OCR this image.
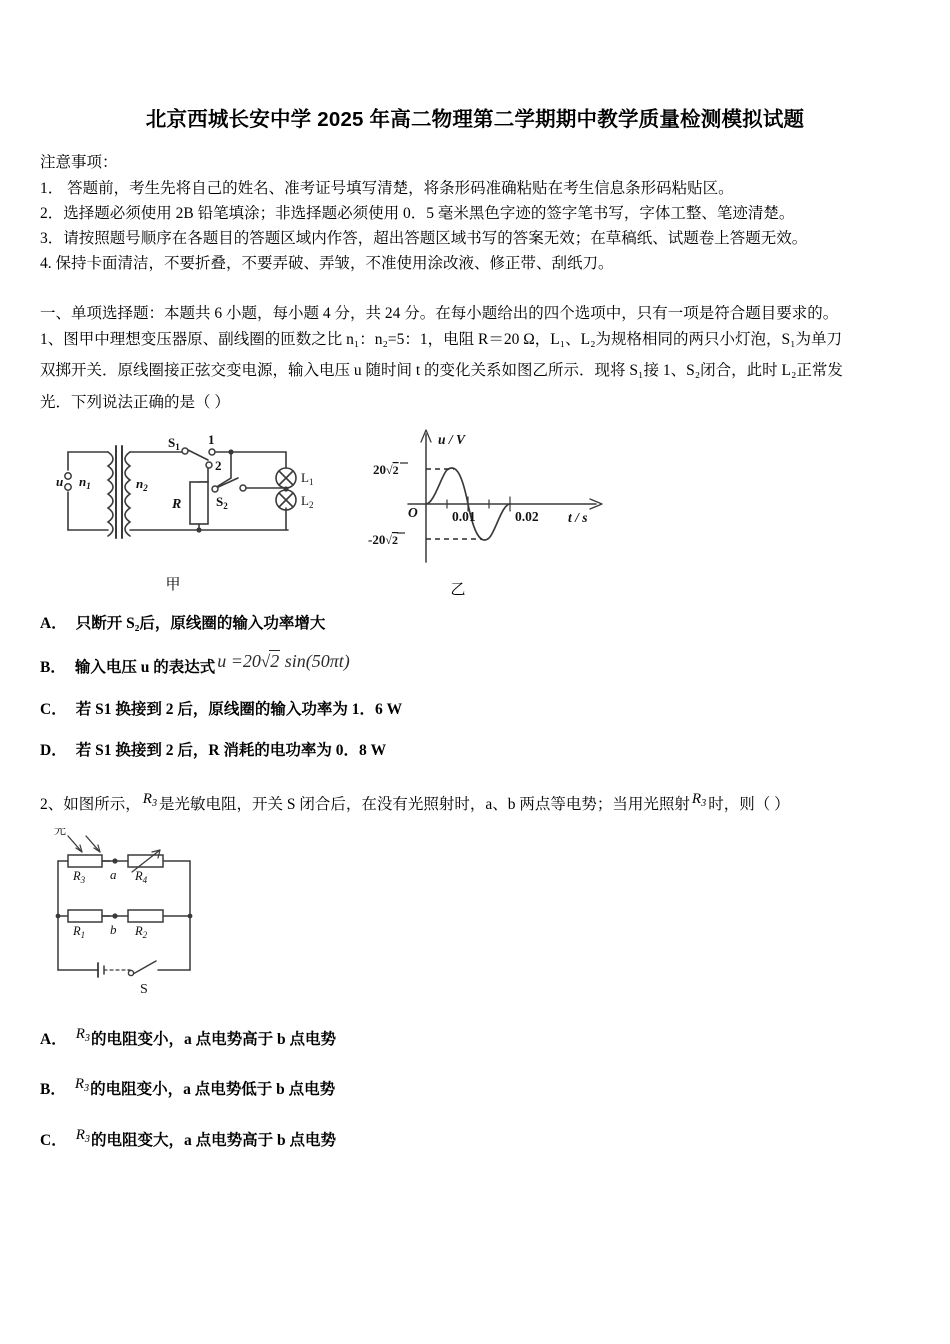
北京西城长安中学 2025 年高二物理第二学期期中教学质量检测模拟试题
注意事项：
1． 答题前，考生先将自己的姓名、准考证号填写清楚，将条形码准确粘贴在考生信息条形码粘贴区。
2．选择题必须使用 2B 铅笔填涂；非选择题必须使用 0．5 毫米黑色字迹的签字笔书写，字体工整、笔迹清楚。
3．请按照题号顺序在各题目的答题区域内作答，超出答题区域书写的答案无效；在草稿纸、试题卷上答题无效。
4. 保持卡面清洁，不要折叠，不要弄破、弄皱，不准使用涂改液、修正带、刮纸刀。
一、单项选择题：本题共 6 小题，每小题 4 分，共 24 分。在每小题给出的四个选项中，只有一项是符合题目要求的。
1、图甲中理想变压器原、副线圈的匝数之比 n₁：n₂=5：1，电阻 R＝20 Ω，L₁、L₂为规格相同的两只小灯泡，S₁为单刀
双掷开关．原线圈接正弦交变电源，输入电压 u 随时间 t 的变化关系如图乙所示．现将 S₁接 1、S₂闭合，此时 L₂正常发
光．下列说法正确的是（ ）
u $n_1$	$n_2$
R
$S_1$ 1
2
$S_2$
$L_1$
$L_2$
甲
u / V
t / s
O
20√2
-20√2
0.01	0.02
乙
A． 只断开 S₂后，原线圈的输入功率增大
B． 输入电压 u 的表达式 u =20√2 sin(50πt)
C． 若 S1 换接到 2 后，原线圈的输入功率为 1．6 W
D． 若 S1 换接到 2 后，R 消耗的电功率为 0．8 W
2、如图所示， $R_3$ 是光敏电阻，开关 S 闭合后，在没有光照射时，a、b 两点等电势；当用光照射 $R_3$ 时，则（ ）
光
$R_3$	$R_4$
$R_1$	$R_2$
a
b
S
A． $R_3$ 的电阻变小，a 点电势高于 b 点电势
B． $R_3$ 的电阻变小，a 点电势低于 b 点电势
C． $R_3$ 的电阻变大，a 点电势高于 b 点电势
